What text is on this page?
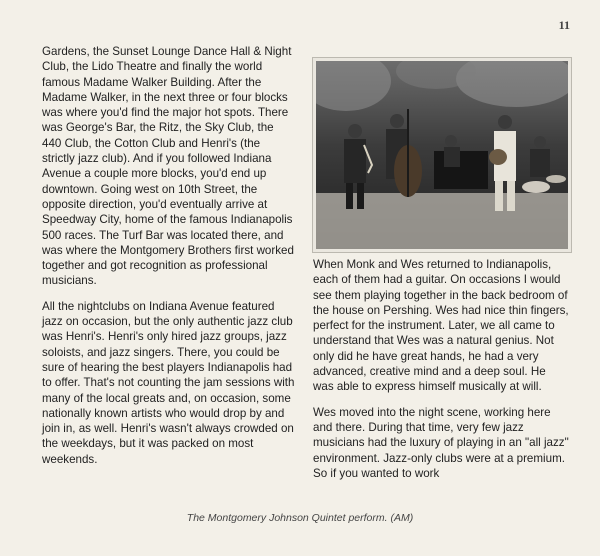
11

Gardens, the Sunset Lounge Dance Hall & Night Club, the Lido Theatre and finally the world famous Madame Walker Building. After the Madame Walker, in the next three or four blocks was where you'd find the major hot spots. There was George's Bar, the Ritz, the Sky Club, the 440 Club, the Cotton Club and Henri's (the strictly jazz club). And if you followed Indiana Avenue a couple more blocks, you'd end up downtown. Going west on 10th Street, the opposite direction, you'd eventually arrive at Speedway City, home of the famous Indianapolis 500 races. The Turf Bar was located there, and was where the Montgomery Brothers first worked together and got recognition as professional musicians.

All the nightclubs on Indiana Avenue featured jazz on occasion, but the only authentic jazz club was Henri's. Henri's only hired jazz groups, jazz soloists, and jazz singers. There, you could be sure of hearing the best players Indianapolis had to offer. That's not counting the jam sessions with many of the local greats and, on occasion, some nationally known artists who would drop by and join in, as well. Henri's wasn't always crowded on the weekdays, but it was packed on most weekends.

When Monk and Wes returned to Indianapolis, each of them had a guitar. On occasions I would see them playing together in the back bedroom of the house on Pershing. Wes had nice thin fingers, perfect for the instrument. Later, we all came to understand that Wes was a natural genius. Not only did he have great hands, he had a very advanced, creative mind and a deep soul. He was able to express himself musically at will.

Wes moved into the night scene, working here and there. During that time, very few jazz musicians had the luxury of playing in an "all jazz" environment. Jazz-only clubs were at a premium. So if you wanted to work

The Montgomery Johnson Quintet perform. (AM)
